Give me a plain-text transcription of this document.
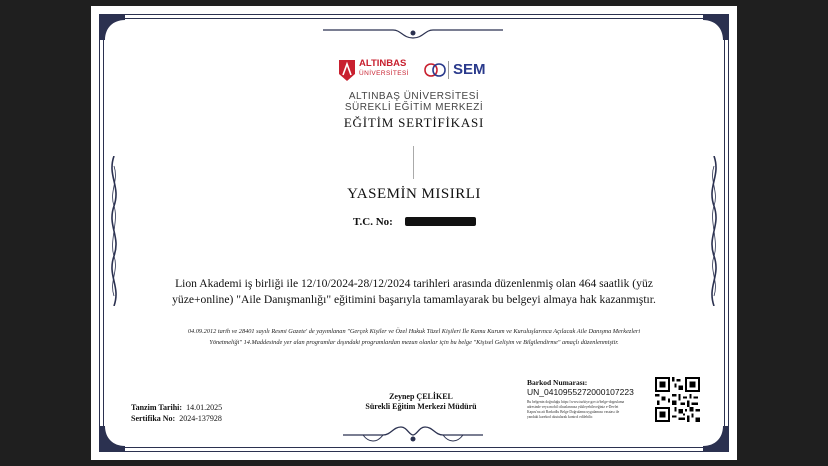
ALTINBAS
ÜNİVERSİTESİ	SEM
ALTINBAŞ ÜNİVERSİTESİ
SÜREKLİ EĞİTİM MERKEZİ
EĞİTİM SERTİFİKASI
YASEMİN MISIRLI
T.C. No:
Lion Akademi iş birliği ile 12/10/2024-28/12/2024 tarihleri arasında düzenlenmiş olan 464 saatlik (yüz
yüze+online) "Aile Danışmanlığı" eğitimini başarıyla tamamlayarak bu belgeyi almaya hak kazanmıştır.
04.09.2012 tarih ve 28401 sayılı Resmi Gazete' de yayımlanan "Gerçek Kişiler ve Özel Hukuk Tüzel Kişileri İle Kamu Kurum ve Kuruluşlarınca Açılacak Aile Danışma Merkezleri
Yönetmeliği" 14.Maddesinde yer alan programlar dışındaki programlardan mezun olanlar için bu belge "Kişisel Gelişim ve Bilgilendirme" amaçlı düzenlenmiştir.
Zeynep ÇELİKEL
Sürekli Eğitim Merkezi Müdürü
Tanzim Tarihi: 14.01.2025
Sertifika No: 2024-137928
Barkod Numarası:
UN_0410955272000107223
Bu belgenin doğruluğu https://www.turkiye.gov.tr/belge-dogrulama
adresinde veya mobil cihazlarınıza yükleyebileceğiniz e-Devlet
Kapısı'na ait Barkodlu Belge Doğrulama uygulaması vasıtası ile
yandaki karekod okutularak kontrol edilebilir.
